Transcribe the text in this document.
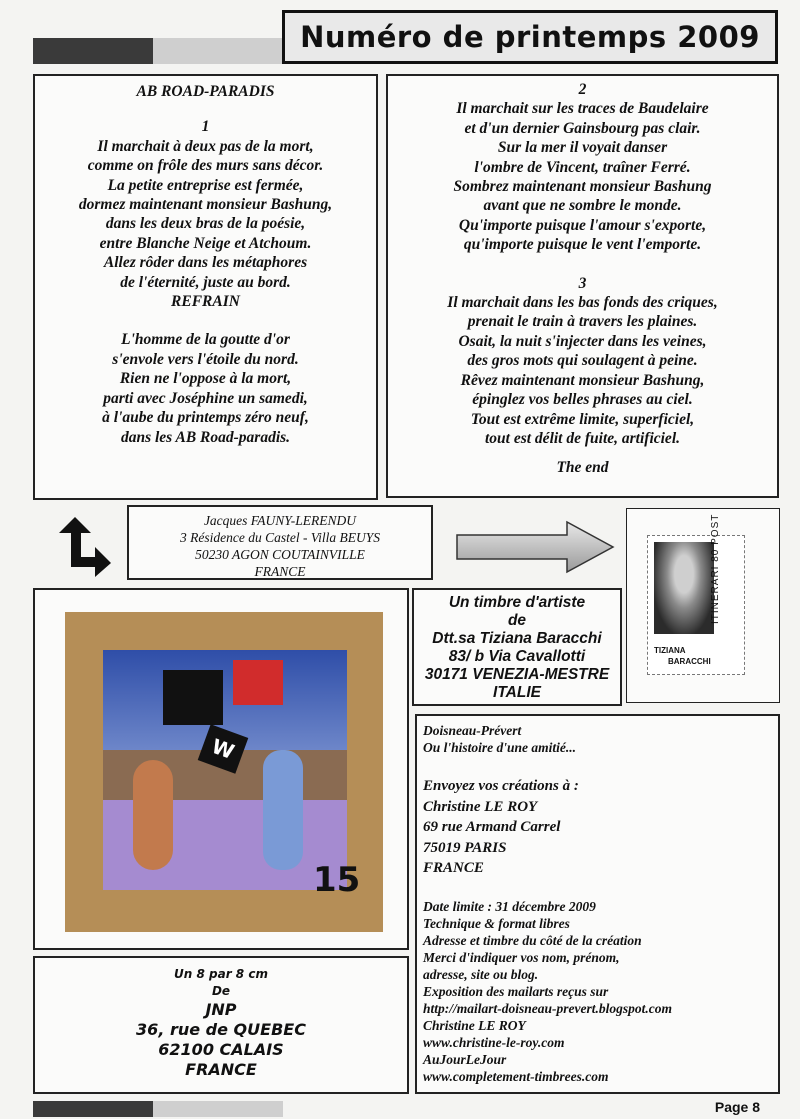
Numéro de printemps 2009
AB ROAD-PARADIS
1
Il marchait à deux pas de la mort,
comme on frôle des murs sans décor.
La petite entreprise est fermée,
dormez maintenant monsieur Bashung,
dans les deux bras de la poésie,
entre Blanche Neige et Atchoum.
Allez rôder dans les métaphores
de l'éternité, juste au bord.
REFRAIN
L'homme de la goutte d'or
s'envole vers l'étoile du nord.
Rien ne l'oppose à la mort,
parti avec Joséphine un samedi,
à l'aube du printemps zéro neuf,
dans les AB Road-paradis.
2
Il marchait sur les traces de Baudelaire
et d'un dernier Gainsbourg pas clair.
Sur la mer il voyait danser
l'ombre de Vincent, traîner Ferré.
Sombrez maintenant monsieur Bashung
avant que ne sombre le monde.
Qu'importe puisque l'amour s'exporte,
qu'importe puisque le vent l'emporte.
3
Il marchait dans les bas fonds des criques,
prenait le train à travers les plaines.
Osait, la nuit s'injecter dans les veines,
des gros mots qui soulagent à peine.
Rêvez maintenant monsieur Bashung,
épinglez vos belles phrases au ciel.
Tout est extrême limite, superficiel,
tout est délit de fuite, artificiel.
The end
Jacques FAUNY-LERENDU
3 Résidence du Castel - Villa BEUYS
50230 AGON COUTAINVILLE
FRANCE	ITINERARI 80 POST
TIZIANA
BARACCHI
W
15
Un timbre d'artiste
de
Dtt.sa Tiziana Baracchi
83/ b Via Cavallotti
30171 VENEZIA-MESTRE
ITALIE
Doisneau-Prévert
Ou l'histoire d'une amitié...
Envoyez vos créations à :
Christine LE ROY
69 rue Armand Carrel
75019 PARIS
FRANCE
Date limite : 31 décembre 2009
Technique & format libres
Adresse et timbre du côté de la création
Merci d'indiquer vos nom, prénom,
adresse, site ou blog.
Exposition des mailarts reçus sur
http://mailart-doisneau-prevert.blogspot.com
Christine LE ROY
www.christine-le-roy.com
AuJourLeJour
www.completement-timbrees.com
Un 8 par 8 cm
De
JNP
36, rue de QUEBEC
62100 CALAIS
FRANCE
Page 8
